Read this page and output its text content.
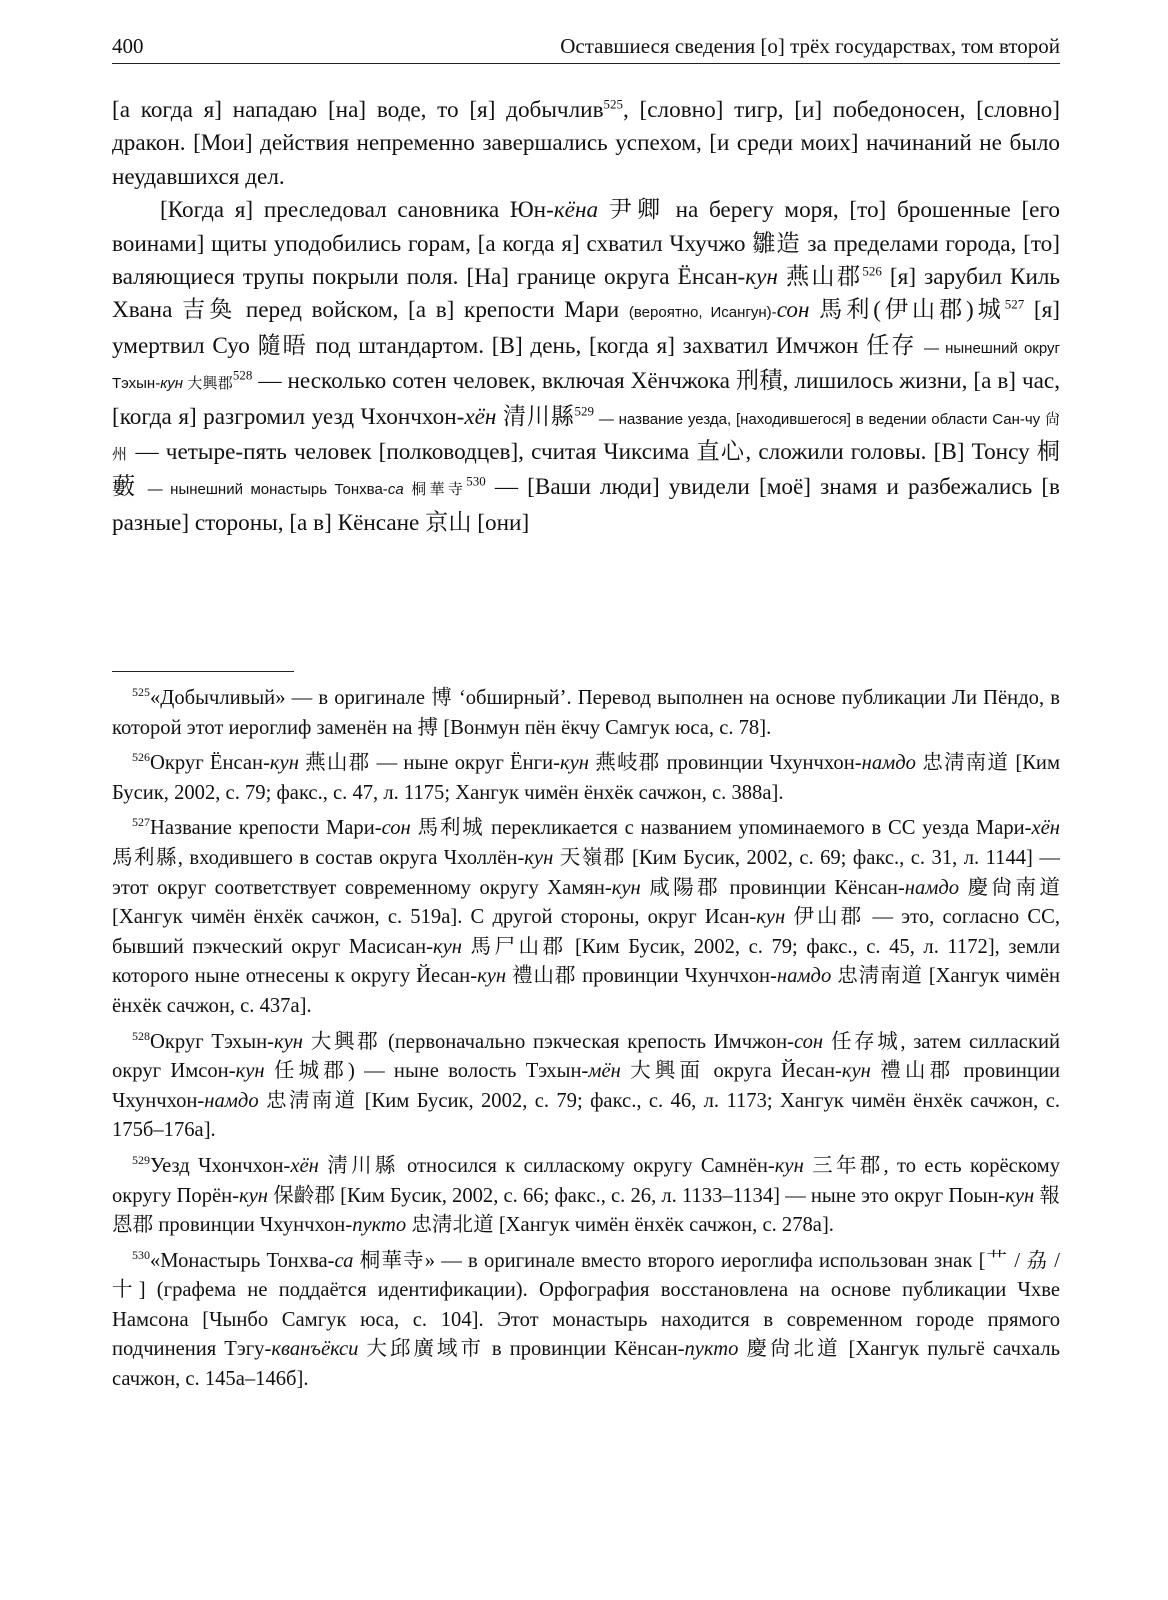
400	Оставшиеся сведения [о] трёх государствах, том второй

[а когда я] нападаю [на] воде, то [я] добычлив$^{525}$, [словно] тигр, [и] победоносен, [словно] дракон. [Мои] действия непременно завершались успехом, [и среди моих] начинаний не было неудавшихся дел.

[Когда я] преследовал сановника Юн-кёна 尹卿 на берегу моря, [то] брошенные [его воинами] щиты уподобились горам, [а когда я] схватил Чхучжо 雛造 за пределами города, [то] валяющиеся трупы покрыли поля. [На] границе округа Ёнсан-кун 燕山郡$^{526}$ [я] зарубил Киль Хвана 吉奐 перед войском, [а в] крепости Мари (вероятно, Исангун)-сон 馬利(伊山郡)城$^{527}$ [я] умертвил Суо 隨晤 под штандартом. [В] день, [когда я] захватил Имчжон 任存 — нынешний округ Тэхын-кун 大興郡$^{528}$ — несколько сотен человек, включая Хёнчжока 刑積, лишилось жизни, [а в] час, [когда я] разгромил уезд Чхончхон-хён 清川縣$^{529}$ — название уезда, [находившегося] в ведении области Сан-чу 尙州 — четыре-пять человек [полководцев], считая Чиксима 直心, сложили головы. [В] Тонсу 桐藪 — нынешний монастырь Тонхва-са 桐華寺$^{530}$ — [Ваши люди] увидели [моё] знамя и разбежались [в разные] стороны, [а в] Кёнсане 京山 [они]

$^{525}$«Добычливый» — в оригинале 博 ‘обширный’. Перевод выполнен на основе публикации Ли Пёндо, в которой этот иероглиф заменён на 搏 [Вонмун пён ёкчу Самгук юса, с. 78].

$^{526}$Округ Ёнсан-кун 燕山郡 — ныне округ Ёнги-кун 燕岐郡 провинции Чхунчхон-намдо 忠淸南道 [Ким Бусик, 2002, с. 79; факс., с. 47, л. 1175; Хангук чимён ёнхёк сачжон, с. 388а].

$^{527}$Название крепости Мари-сон 馬利城 перекликается с названием упоминаемого в СС уезда Мари-хён 馬利縣, входившего в состав округа Чхоллён-кун 天嶺郡 [Ким Бусик, 2002, с. 69; факс., с. 31, л. 1144] — этот округ соответствует современному округу Хамян-кун 咸陽郡 провинции Кёнсан-намдо 慶尙南道 [Хангук чимён ёнхёк сачжон, с. 519а]. С другой стороны, округ Исан-кун 伊山郡 — это, согласно СС, бывший пэкческий округ Масисан-кун 馬尸山郡 [Ким Бусик, 2002, с. 79; факс., с. 45, л. 1172], земли которого ныне отнесены к округу Йесан-кун 禮山郡 провинции Чхунчхон-намдо 忠淸南道 [Хангук чимён ёнхёк сачжон, с. 437а].

$^{528}$Округ Тэхын-кун 大興郡 (первоначально пэкческая крепость Имчжон-сон 任存城, затем силлаский округ Имсон-кун 任城郡) — ныне волость Тэхын-мён 大興面 округа Йесан-кун 禮山郡 провинции Чхунчхон-намдо 忠淸南道 [Ким Бусик, 2002, с. 79; факс., с. 46, л. 1173; Хангук чимён ёнхёк сачжон, с. 175б–176а].

$^{529}$Уезд Чхончхон-хён 淸川縣 относился к силласкому округу Самнён-кун 三年郡, то есть корёскому округу Порён-кун 保齡郡 [Ким Бусик, 2002, с. 66; факс., с. 26, л. 1133–1134] — ныне это округ Поын-кун 報恩郡 провинции Чхунчхон-пукто 忠淸北道 [Хангук чимён ёнхёк сачжон, с. 278а].

$^{530}$«Монастырь Тонхва-са 桐華寺» — в оригинале вместо второго иероглифа использован знак [艹 / 劦 / 十] (графема не поддаётся идентификации). Орфография восстановлена на основе публикации Чхве Намсона [Чынбо Самгук юса, с. 104]. Этот монастырь находится в современном городе прямого подчинения Тэгу-кванъёкси 大邱廣域市 в провинции Кёнсан-пукто 慶尙北道 [Хангук пульгё сачхаль сачжон, с. 145а–146б].
